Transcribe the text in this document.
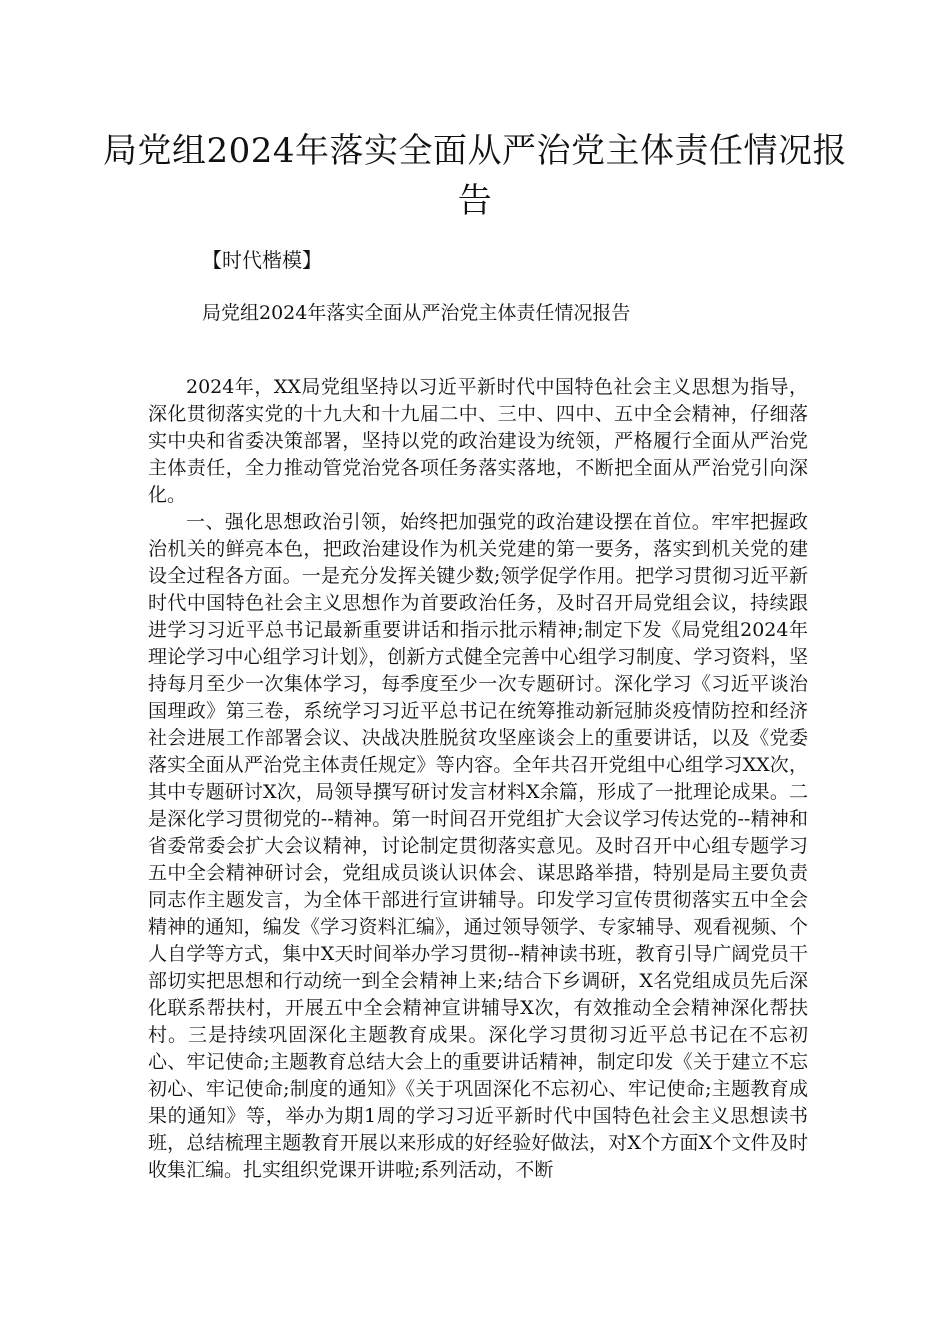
局党组2024年落实全面从严治党主体责任情况报告

【时代楷模】

局党组2024年落实全面从严治党主体责任情况报告

2024年，XX局党组坚持以习近平新时代中国特色社会主义思想为指导，深化贯彻落实党的十九大和十九届二中、三中、四中、五中全会精神，仔细落实中央和省委决策部署，坚持以党的政治建设为统领，严格履行全面从严治党主体责任，全力推动管党治党各项任务落实落地，不断把全面从严治党引向深化。

一、强化思想政治引领，始终把加强党的政治建设摆在首位。牢牢把握政治机关的鲜亮本色，把政治建设作为机关党建的第一要务，落实到机关党的建设全过程各方面。一是充分发挥关键少数;领学促学作用。把学习贯彻习近平新时代中国特色社会主义思想作为首要政治任务，及时召开局党组会议，持续跟进学习习近平总书记最新重要讲话和指示批示精神;制定下发《局党组2024年理论学习中心组学习计划》，创新方式健全完善中心组学习制度、学习资料，坚持每月至少一次集体学习，每季度至少一次专题研讨。深化学习《习近平谈治国理政》第三卷，系统学习习近平总书记在统筹推动新冠肺炎疫情防控和经济社会进展工作部署会议、决战决胜脱贫攻坚座谈会上的重要讲话，以及《党委落实全面从严治党主体责任规定》等内容。全年共召开党组中心组学习XX次，其中专题研讨X次，局领导撰写研讨发言材料X余篇，形成了一批理论成果。二是深化学习贯彻党的--精神。第一时间召开党组扩大会议学习传达党的--精神和省委常委会扩大会议精神，讨论制定贯彻落实意见。及时召开中心组专题学习五中全会精神研讨会，党组成员谈认识体会、谋思路举措，特别是局主要负责同志作主题发言，为全体干部进行宣讲辅导。印发学习宣传贯彻落实五中全会精神的通知，编发《学习资料汇编》，通过领导领学、专家辅导、观看视频、个人自学等方式，集中X天时间举办学习贯彻--精神读书班，教育引导广阔党员干部切实把思想和行动统一到全会精神上来;结合下乡调研，X名党组成员先后深化联系帮扶村，开展五中全会精神宣讲辅导X次，有效推动全会精神深化帮扶村。三是持续巩固深化主题教育成果。深化学习贯彻习近平总书记在不忘初心、牢记使命;主题教育总结大会上的重要讲话精神，制定印发《关于建立不忘初心、牢记使命;制度的通知》《关于巩固深化不忘初心、牢记使命;主题教育成果的通知》等，举办为期1周的学习习近平新时代中国特色社会主义思想读书班，总结梳理主题教育开展以来形成的好经验好做法，对X个方面X个文件及时收集汇编。扎实组织党课开讲啦;系列活动，不断
